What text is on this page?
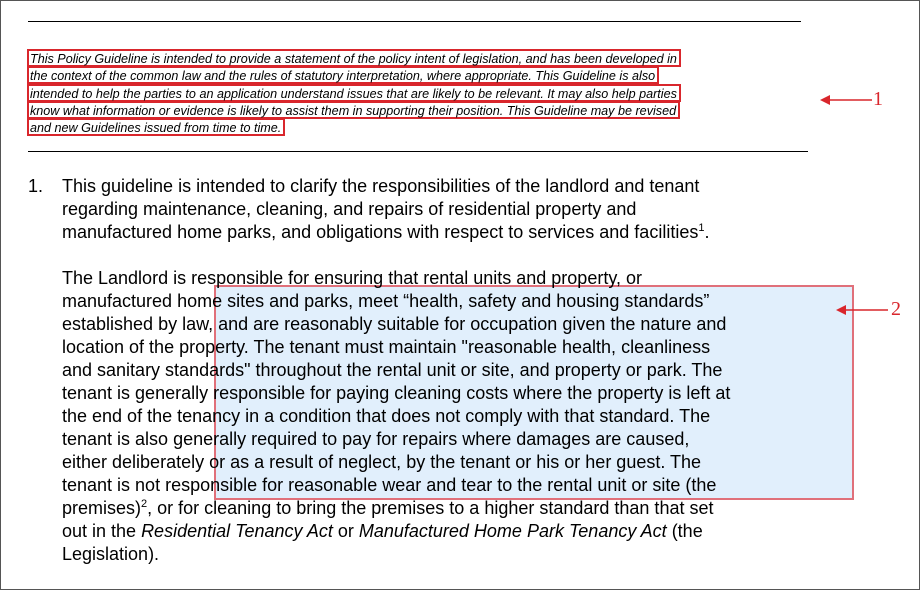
This Policy Guideline is intended to provide a statement of the policy intent of legislation, and has been developed in
the context of the common law and the rules of statutory interpretation, where appropriate. This Guideline is also
intended to help the parties to an application understand issues that are likely to be relevant. It may also help parties
know what information or evidence is likely to assist them in supporting their position. This Guideline may be revised
and new Guidelines issued from time to time.
1
1. This guideline is intended to clarify the responsibilities of the landlord and tenant
regarding maintenance, cleaning, and repairs of residential property and
manufactured home parks, and obligations with respect to services and facilities$^1$.
The Landlord is responsible for ensuring that rental units and property, or
manufactured home sites and parks, meet “health, safety and housing standards”
established by law, and are reasonably suitable for occupation given the nature and
location of the property. The tenant must maintain "reasonable health, cleanliness
and sanitary standards" throughout the rental unit or site, and property or park. The
tenant is generally responsible for paying cleaning costs where the property is left at
the end of the tenancy in a condition that does not comply with that standard. The
tenant is also generally required to pay for repairs where damages are caused,
either deliberately or as a result of neglect, by the tenant or his or her guest. The
tenant is not responsible for reasonable wear and tear to the rental unit or site (the
premises)$^2$, or for cleaning to bring the premises to a higher standard than that set
out in the Residential Tenancy Act or Manufactured Home Park Tenancy Act (the
Legislation).
2
